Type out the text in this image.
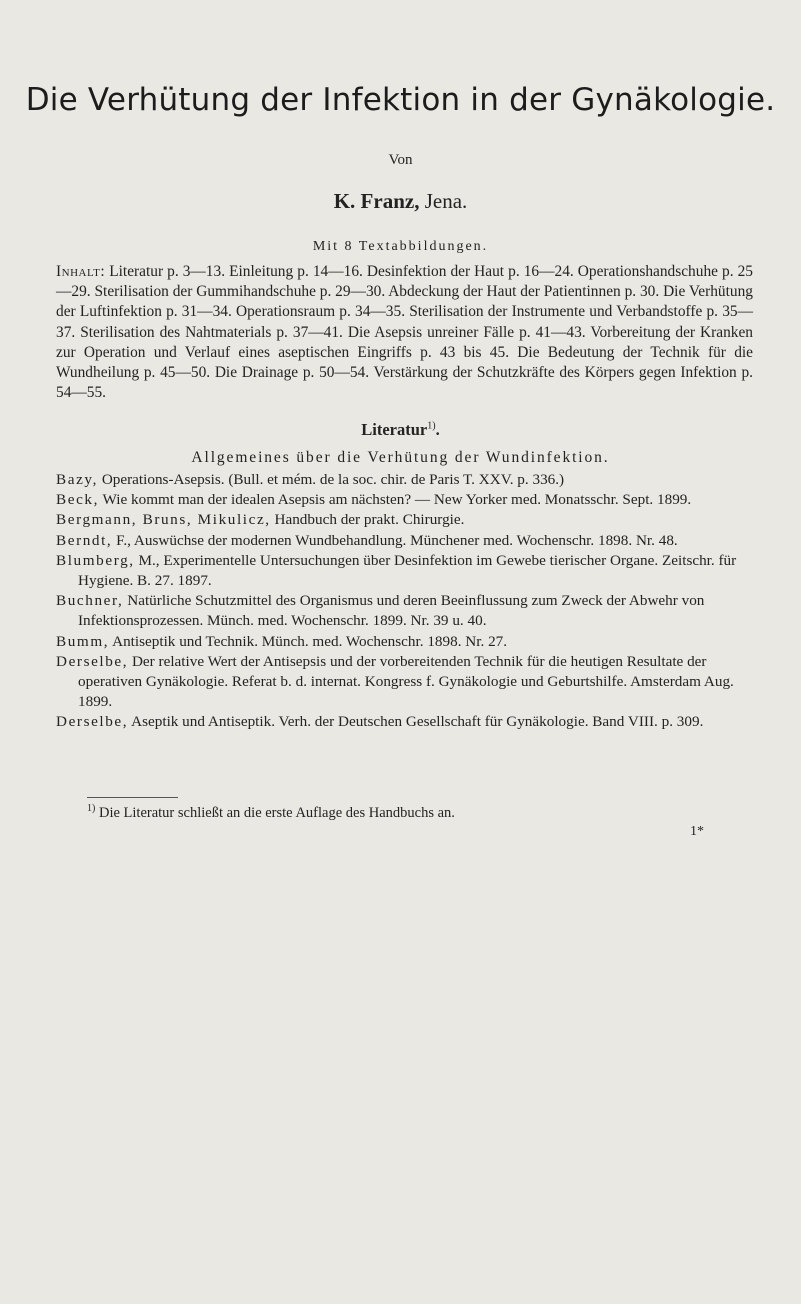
Die Verhütung der Infektion in der Gynäkologie.
Von
K. Franz, Jena.
Mit 8 Textabbildungen.
Inhalt: Literatur p. 3—13. Einleitung p. 14—16. Desinfektion der Haut p. 16—24. Operationshandschuhe p. 25—29. Sterilisation der Gummihandschuhe p. 29—30. Abdeckung der Haut der Patientinnen p. 30. Die Verhütung der Luftinfektion p. 31—34. Operationsraum p. 34—35. Sterilisation der Instrumente und Verbandstoffe p. 35—37. Sterilisation des Nahtmaterials p. 37—41. Die Asepsis unreiner Fälle p. 41—43. Vorbereitung der Kranken zur Operation und Verlauf eines aseptischen Eingriffs p. 43 bis 45. Die Bedeutung der Technik für die Wundheilung p. 45—50. Die Drainage p. 50—54. Verstärkung der Schutzkräfte des Körpers gegen Infektion p. 54—55.
Literatur$^{1)}$.
Allgemeines über die Verhütung der Wundinfektion.
Bazy, Operations-Asepsis. (Bull. et mém. de la soc. chir. de Paris T. XXV. p. 336.)
Beck, Wie kommt man der idealen Asepsis am nächsten? — New Yorker med. Monatsschr. Sept. 1899.
Bergmann, Bruns, Mikulicz, Handbuch der prakt. Chirurgie.
Berndt, F., Auswüchse der modernen Wundbehandlung. Münchener med. Wochenschr. 1898. Nr. 48.
Blumberg, M., Experimentelle Untersuchungen über Desinfektion im Gewebe tierischer Organe. Zeitschr. für Hygiene. B. 27. 1897.
Buchner, Natürliche Schutzmittel des Organismus und deren Beeinflussung zum Zweck der Abwehr von Infektionsprozessen. Münch. med. Wochenschr. 1899. Nr. 39 u. 40.
Bumm, Antiseptik und Technik. Münch. med. Wochenschr. 1898. Nr. 27.
Derselbe, Der relative Wert der Antisepsis und der vorbereitenden Technik für die heutigen Resultate der operativen Gynäkologie. Referat b. d. internat. Kongress f. Gynäkologie und Geburtshilfe. Amsterdam Aug. 1899.
Derselbe, Aseptik und Antiseptik. Verh. der Deutschen Gesellschaft für Gynäkologie. Band VIII. p. 309.
$^{1)}$ Die Literatur schließt an die erste Auflage des Handbuchs an.
1*
